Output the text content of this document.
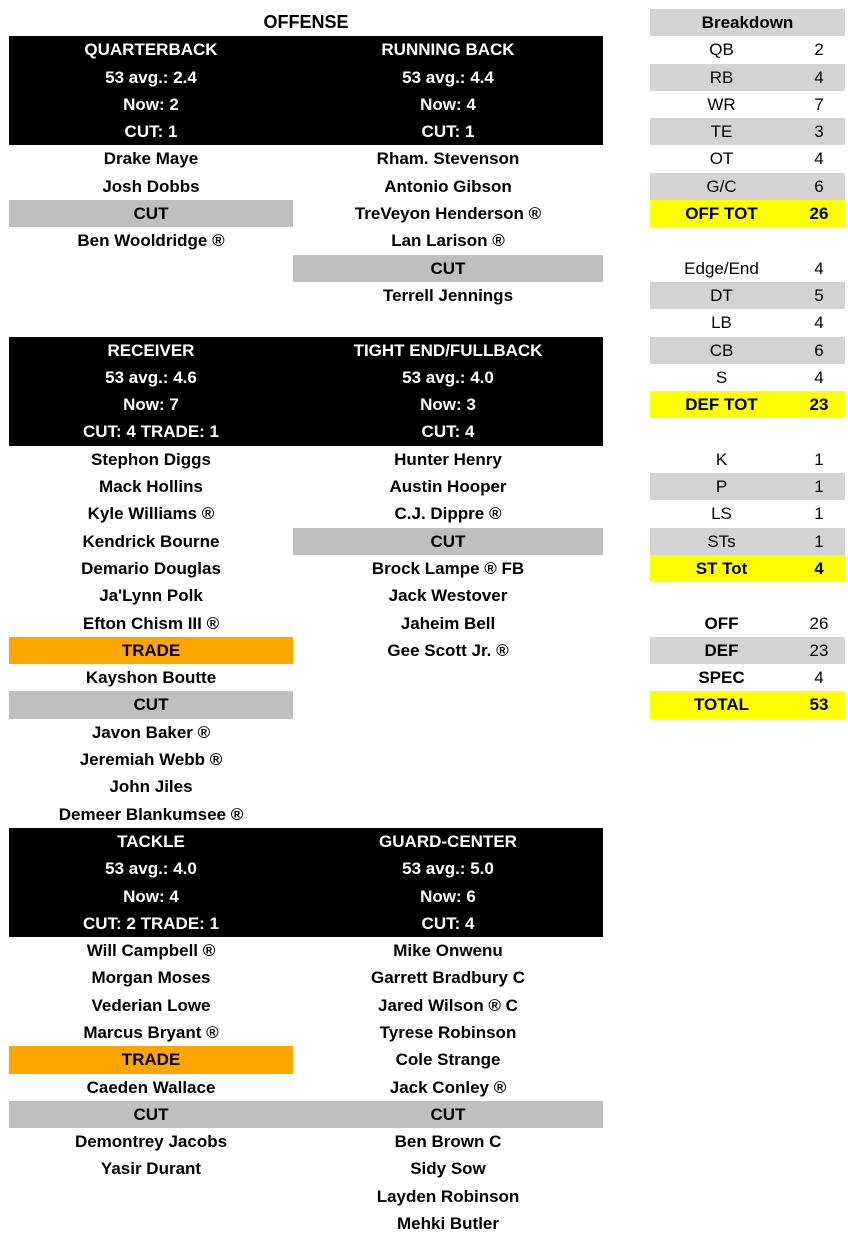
OFFENSE
QUARTERBACK
53 avg.: 2.4
Now: 2
CUT: 1
RUNNING BACK
53 avg.: 4.4
Now: 4
CUT: 1
Drake Maye
Josh Dobbs
CUT
Ben Wooldridge ®
Rham. Stevenson
Antonio Gibson
TreVeyon Henderson ®
Lan Larison ®
CUT
Terrell Jennings
RECEIVER
53 avg.: 4.6
Now: 7
CUT: 4 TRADE: 1
TIGHT END/FULLBACK
53 avg.: 4.0
Now: 3
CUT: 4
Stephon Diggs
Mack Hollins
Kyle Williams ®
Kendrick Bourne
Demario Douglas
Ja'Lynn Polk
Efton Chism III ®
TRADE
Kayshon Boutte
CUT
Javon Baker ®
Jeremiah Webb ®
John Jiles
Demeer Blankumsee ®
Hunter Henry
Austin Hooper
C.J. Dippre ®
CUT
Brock Lampe ® FB
Jack Westover
Jaheim Bell
Gee Scott Jr. ®
TACKLE
53 avg.: 4.0
Now: 4
CUT: 2 TRADE: 1
GUARD-CENTER
53 avg.: 5.0
Now: 6
CUT: 4
Will Campbell ®
Morgan Moses
Vederian Lowe
Marcus Bryant ®
TRADE
Caeden Wallace
CUT
Demontrey Jacobs
Yasir Durant
Mike Onwenu
Garrett Bradbury C
Jared Wilson ® C
Tyrese Robinson
Cole Strange
Jack Conley ®
CUT
Ben Brown C
Sidy Sow
Layden Robinson
Mehki Butler
Breakdown
QB	2
RB	4
WR	7
TE	3
OT	4
G/C	6
OFF TOT	26
Edge/End	4
DT	5
LB	4
CB	6
S	4
DEF TOT	23
K	1
P	1
LS	1
STs	1
ST Tot	4
OFF	26
DEF	23
SPEC	4
TOTAL	53
